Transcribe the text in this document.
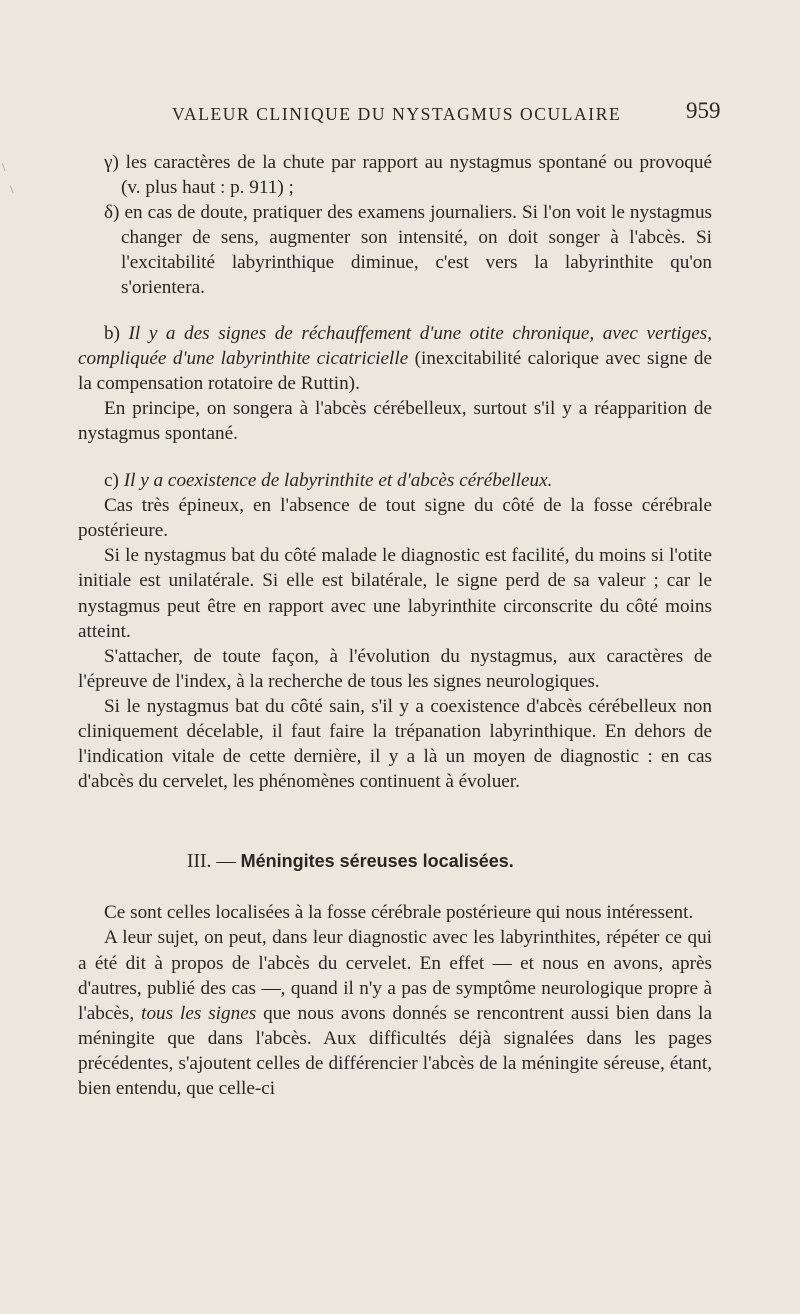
VALEUR CLINIQUE DU NYSTAGMUS OCULAIRE	959
\
\

γ) les caractères de la chute par rapport au nystagmus spontané ou provoqué (v. plus haut : p. 911) ;

δ) en cas de doute, pratiquer des examens journaliers. Si l'on voit le nystagmus changer de sens, augmenter son intensité, on doit songer à l'abcès. Si l'excitabilité labyrinthique diminue, c'est vers la labyrinthite qu'on s'orientera.

b) Il y a des signes de réchauffement d'une otite chronique, avec vertiges, compliquée d'une labyrinthite cicatricielle (inexcitabilité calorique avec signe de la compensation rotatoire de Ruttin).

En principe, on songera à l'abcès cérébelleux, surtout s'il y a réapparition de nystagmus spontané.

c) Il y a coexistence de labyrinthite et d'abcès cérébelleux.

Cas très épineux, en l'absence de tout signe du côté de la fosse cérébrale postérieure.

Si le nystagmus bat du côté malade le diagnostic est facilité, du moins si l'otite initiale est unilatérale. Si elle est bilatérale, le signe perd de sa valeur ; car le nystagmus peut être en rapport avec une labyrinthite circonscrite du côté moins atteint.

S'attacher, de toute façon, à l'évolution du nystagmus, aux caractères de l'épreuve de l'index, à la recherche de tous les signes neurologiques.

Si le nystagmus bat du côté sain, s'il y a coexistence d'abcès cérébelleux non cliniquement décelable, il faut faire la trépanation labyrinthique. En dehors de l'indication vitale de cette dernière, il y a là un moyen de diagnostic : en cas d'abcès du cervelet, les phénomènes continuent à évoluer.

III. — Méningites séreuses localisées.

Ce sont celles localisées à la fosse cérébrale postérieure qui nous intéressent.

A leur sujet, on peut, dans leur diagnostic avec les labyrinthites, répéter ce qui a été dit à propos de l'abcès du cervelet. En effet — et nous en avons, après d'autres, publié des cas —, quand il n'y a pas de symptôme neurologique propre à l'abcès, tous les signes que nous avons donnés se rencontrent aussi bien dans la méningite que dans l'abcès. Aux difficultés déjà signalées dans les pages précédentes, s'ajoutent celles de différencier l'abcès de la méningite séreuse, étant, bien entendu, que celle-ci
